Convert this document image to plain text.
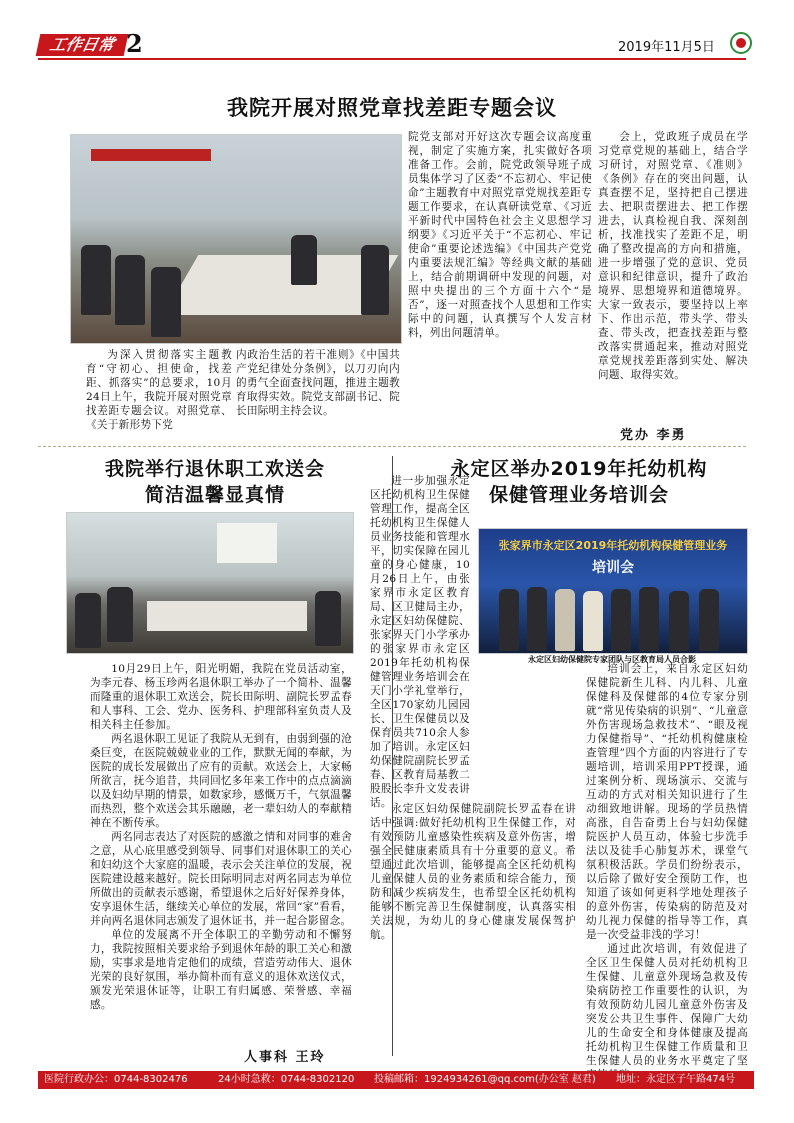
工作日常 2	2019年11月5日
我院开展对照党章找差距专题会议
为深入贯彻落实主题教育“守初心、担使命，找差距、抓落实”的总要求，10月24日上午，我院开展对照党章找差距专题会议。对照党章、《关于新形势下党
内政治生活的若干准则》《中国共产党纪律处分条例》，以刀刃向内的勇气全面查找问题，推进主题教育取得实效。院党支部副书记、院长田际明主持会议。
院党支部对开好这次专题会议高度重视，制定了实施方案，扎实做好各项准备工作。会前，院党政领导班子成员集体学习了区委“不忘初心、牢记使命”主题教育中对照党章党规找差距专题工作要求，在认真研读党章、《习近平新时代中国特色社会主义思想学习纲要》《习近平关于“不忘初心、牢记使命”重要论述选编》《中国共产党党内重要法规汇编》等经典文献的基础上，结合前期调研中发现的问题，对照中央提出的三个方面十六个“是否”，逐一对照查找个人思想和工作实际中的问题，认真撰写个人发言材料，列出问题清单。
会上，党政班子成员在学习党章党规的基础上，结合学习研讨，对照党章、《准则》《条例》存在的突出问题，认真查摆不足，坚持把自己摆进去、把职责摆进去、把工作摆进去，认真检视自我、深刻剖析，找准找实了差距不足，明确了整改提高的方向和措施，进一步增强了党的意识、党员意识和纪律意识，提升了政治境界、思想境界和道德境界。大家一致表示，要坚持以上率下、作出示范，带头学、带头查、带头改，把查找差距与整改落实贯通起来，推动对照党章党规找差距落到实处、解决问题、取得实效。
党办 李勇
我院举行退休职工欢送会
简洁温馨显真情
10月29日上午，阳光明媚，我院在党员活动室，为李元春、杨玉珍两名退休职工举办了一个简朴、温馨而隆重的退休职工欢送会，院长田际明、副院长罗孟春和人事科、工会、党办、医务科、护理部科室负责人及相关科主任参加。
两名退休职工见证了我院从无到有，由弱到强的沧桑巨变，在医院兢兢业业的工作，默默无闻的奉献，为医院的成长发展做出了应有的贡献。欢送会上，大家畅所欲言，抚今追昔，共同回忆多年来工作中的点点滴滴以及妇幼早期的情景，如数家珍，感慨万千，气氛温馨而热烈，整个欢送会其乐融融，老一辈妇幼人的奉献精神在不断传承。
两名同志表达了对医院的感激之情和对同事的难舍之意，从心底里感受到领导、同事们对退休职工的关心和妇幼这个大家庭的温暖，表示会关注单位的发展，祝医院建设越来越好。院长田际明同志对两名同志为单位所做出的贡献表示感谢，希望退休之后好好保养身体，安享退休生活，继续关心单位的发展，常回“家”看看，并向两名退休同志颁发了退休证书，并一起合影留念。
单位的发展离不开全体职工的辛勤劳动和不懈努力，我院按照相关要求给予到退休年龄的职工关心和激励，实事求是地肯定他们的成绩，营造劳动伟大、退休光荣的良好氛围，举办简朴而有意义的退休欢送仪式，颁发光荣退休证等，让职工有归属感、荣誉感、幸福感。
人事科 王玲
永定区举办2019年托幼机构
保健管理业务培训会
张家界市永定区2019年托幼机构保健管理业务
培训会
永定区妇幼保健院专家团队与区教育局人员合影
进一步加强永定区托幼机构卫生保健管理工作，提高全区托幼机构卫生保健人员业务技能和管理水平，切实保障在园儿童的身心健康，10月26日上午，由张家界市永定区教育局、区卫健局主办，永定区妇幼保健院、张家界天门小学承办的张家界市永定区2019年托幼机构保健管理业务培训会在天门小学礼堂举行，全区170家幼儿园园长、卫生保健员以及保育员共710余人参加了培训。永定区妇幼保健院副院长罗孟春、区教育局基教二股股长李升文发表讲话。 永定区妇幼保健院副院长罗孟春在讲话中强调:做好托幼机构卫生保健工作，对有效预防儿童感染性疾病及意外伤害，增强全民健康素质具有十分重要的意义。希望通过此次培训，能够提高全区托幼机构儿童保健人员的业务素质和综合能力，预防和减少疾病发生，也希望全区托幼机构能够不断完善卫生保健制度，认真落实相关法规，为幼儿的身心健康发展保驾护航。
培训会上，来自永定区妇幼保健院新生儿科、内儿科、儿童保健科及保健部的4位专家分别就“常见传染病的识别”、“儿童意外伤害现场急救技术”、“眼及视力保健指导”、“托幼机构健康检查管理”四个方面的内容进行了专题培训，培训采用PPT授课，通过案例分析、现场演示、交流与互动的方式对相关知识进行了生动细致地讲解。现场的学员热情高涨，自告奋勇上台与妇幼保健院医护人员互动，体验七步洗手法以及徒手心肺复苏术，课堂气氛积极活跃。学员们纷纷表示，以后除了做好安全预防工作，也知道了该如何更科学地处理孩子的意外伤害，传染病的防范及对幼儿视力保健的指导等工作，真是一次受益非浅的学习！
通过此次培训，有效促进了全区卫生保健人员对托幼机构卫生保健、儿童意外现场急救及传染病防控工作重要性的认识，为有效预防幼儿园儿童意外伤害及突发公共卫生事件、保障广大幼儿的生命安全和身体健康及提高托幼机构卫生保健工作质量和卫生保健人员的业务水平奠定了坚
医院行政办公：0744-8302476	24小时急救：0744-8302120 投稿邮箱：1924934261@qq.com(办公室 赵君) 地址：永定区子午路474号
